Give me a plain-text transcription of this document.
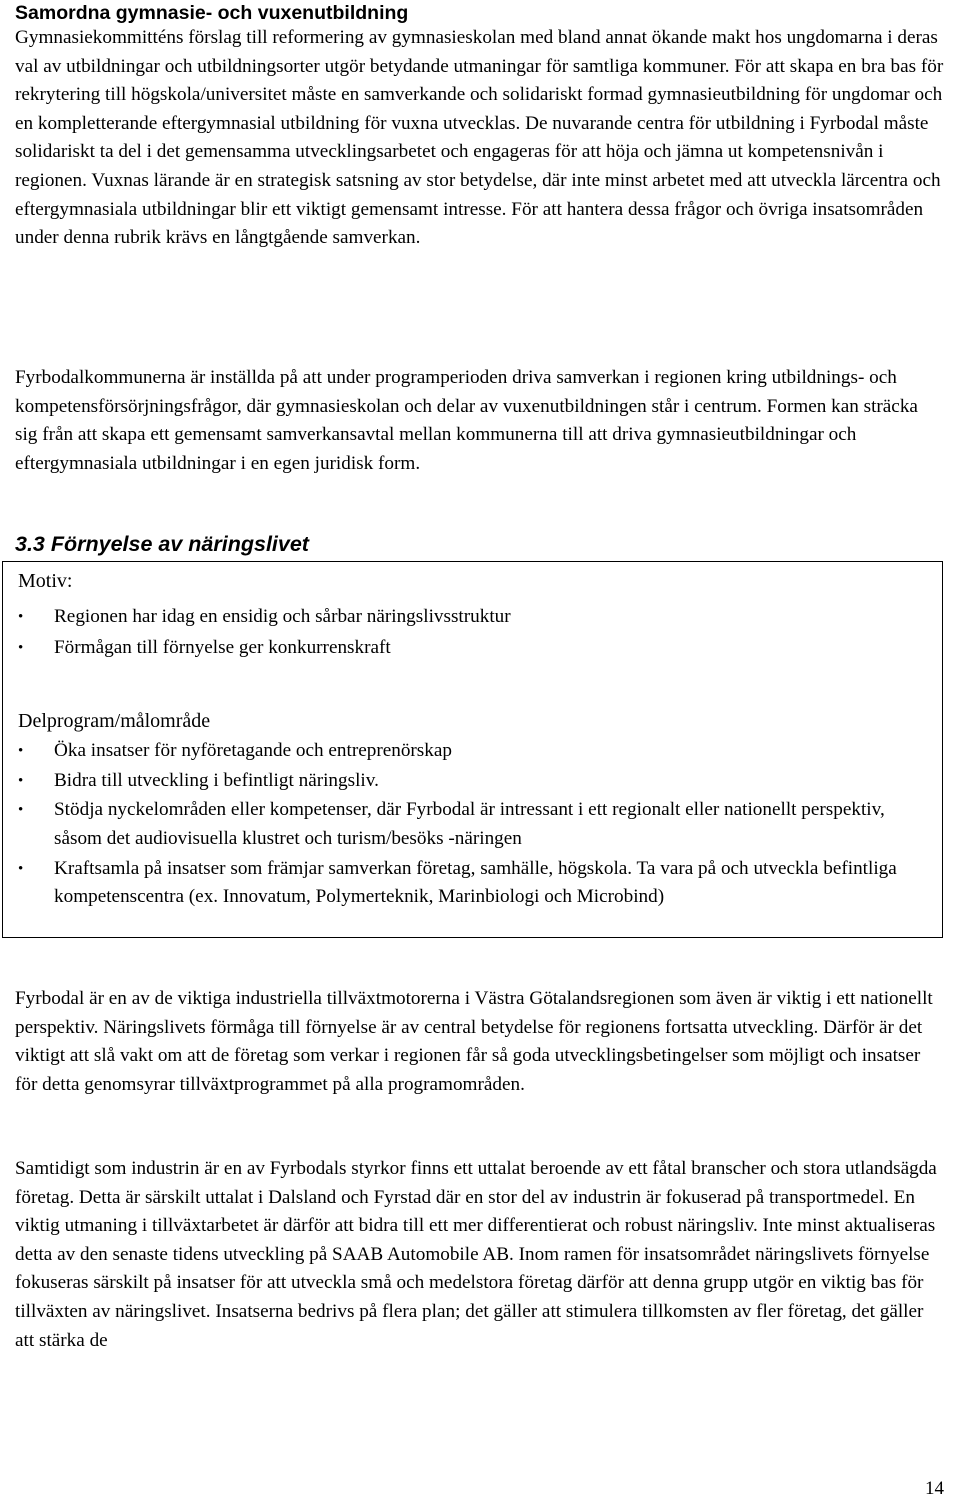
Samordna gymnasie- och vuxenutbildning

Gymnasiekommitténs förslag till reformering av gymnasieskolan med bland annat ökande makt hos ungdomarna i deras val av utbildningar och utbildningsorter utgör betydande utmaningar för samtliga kommuner. För att skapa en bra bas för rekrytering till högskola/universitet måste en samverkande och solidariskt formad gymnasieutbildning för ungdomar och en kompletterande eftergymnasial utbildning för vuxna utvecklas. De nuvarande centra för utbildning i Fyrbodal måste solidariskt ta del i det gemensamma utvecklingsarbetet och engageras för att höja och jämna ut kompetensnivån i regionen. Vuxnas lärande är en strategisk satsning av stor betydelse, där inte minst arbetet med att utveckla lärcentra och eftergymnasiala utbildningar blir ett viktigt gemensamt intresse. För att hantera dessa frågor och övriga insatsområden under denna rubrik krävs en långtgående samverkan.

Fyrbodalkommunerna är inställda på att under programperioden driva samverkan i regionen kring utbildnings- och kompetensförsörjningsfrågor, där gymnasieskolan och delar av vuxenutbildningen står i centrum. Formen kan sträcka sig från att skapa ett gemensamt samverkansavtal mellan kommunerna till att driva gymnasieutbildningar och eftergymnasiala utbildningar i en egen juridisk form.

3.3 Förnyelse av näringslivet

Motiv:

•	Regionen har idag en ensidig och sårbar näringslivsstruktur
•	Förmågan till förnyelse ger konkurrenskraft

Delprogram/målområde

•	Öka insatser för nyföretagande och entreprenörskap
•	Bidra till utveckling i befintligt näringsliv.
•	Stödja nyckelområden eller kompetenser, där Fyrbodal är intressant i ett regionalt eller nationellt perspektiv, såsom det audiovisuella klustret och turism/besöks -näringen
•	Kraftsamla på insatser som främjar samverkan företag, samhälle, högskola. Ta vara på och utveckla befintliga kompetenscentra (ex. Innovatum, Polymerteknik, Marinbiologi och Microbind)

Fyrbodal är en av de viktiga industriella tillväxtmotorerna i Västra Götalandsregionen som även är viktig i ett nationellt perspektiv. Näringslivets förmåga till förnyelse är av central betydelse för regionens fortsatta utveckling. Därför är det viktigt att slå vakt om att de företag som verkar i regionen får så goda utvecklingsbetingelser som möjligt och insatser för detta genomsyrar tillväxtprogrammet på alla programområden.

Samtidigt som industrin är en av Fyrbodals styrkor finns ett uttalat beroende av ett fåtal branscher och stora utlandsägda företag. Detta är särskilt uttalat i Dalsland och Fyrstad där en stor del av industrin är fokuserad på transportmedel. En viktig utmaning i tillväxtarbetet är därför att bidra till ett mer differentierat och robust näringsliv. Inte minst aktualiseras detta av den senaste tidens utveckling på SAAB Automobile AB. Inom ramen för insatsområdet näringslivets förnyelse fokuseras särskilt på insatser för att utveckla små och medelstora företag därför att denna grupp utgör en viktig bas för tillväxten av näringslivet. Insatserna bedrivs på flera plan; det gäller att stimulera tillkomsten av fler företag, det gäller att stärka de

14
